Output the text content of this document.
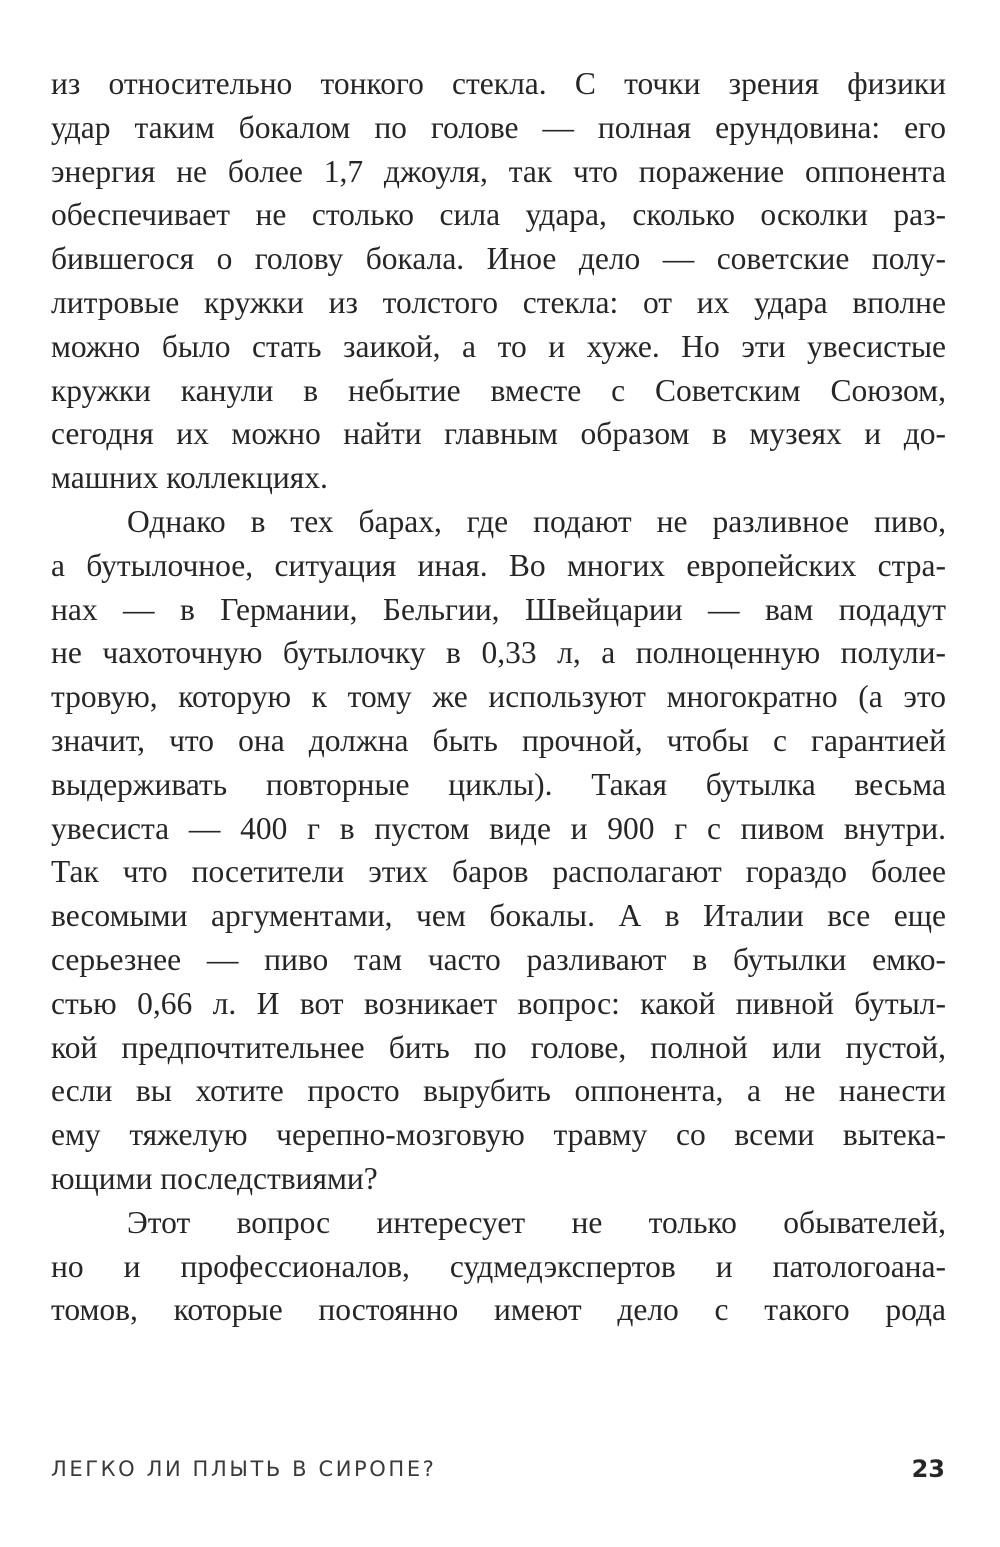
из относительно тонкого стекла. С точки зрения физики
удар таким бокалом по голове — полная ерундовина: его
энергия не более 1,7 джоуля, так что поражение оппонента
обеспечивает не столько сила удара, сколько осколки раз-
бившегося о голову бокала. Иное дело — советские полу-
литровые кружки из толстого стекла: от их удара вполне
можно было стать заикой, а то и хуже. Но эти увесистые
кружки канули в небытие вместе с Советским Союзом,
сегодня их можно найти главным образом в музеях и до-
машних коллекциях.
Однако в тех барах, где подают не разливное пиво,
а бутылочное, ситуация иная. Во многих европейских стра-
нах — в Германии, Бельгии, Швейцарии — вам подадут
не чахоточную бутылочку в 0,33 л, а полноценную полули-
тровую, которую к тому же используют многократно (а это
значит, что она должна быть прочной, чтобы с гарантией
выдерживать повторные циклы). Такая бутылка весьма
увесиста — 400 г в пустом виде и 900 г с пивом внутри.
Так что посетители этих баров располагают гораздо более
весомыми аргументами, чем бокалы. А в Италии все еще
серьезнее — пиво там часто разливают в бутылки емко-
стью 0,66 л. И вот возникает вопрос: какой пивной бутыл-
кой предпочтительнее бить по голове, полной или пустой,
если вы хотите просто вырубить оппонента, а не нанести
ему тяжелую черепно-мозговую травму со всеми вытека-
ющими последствиями?
Этот вопрос интересует не только обывателей,
но и профессионалов, судмедэкспертов и патологоана-
томов, которые постоянно имеют дело с такого рода
ЛЕГКО ЛИ ПЛЫТЬ В СИРОПЕ?	23
